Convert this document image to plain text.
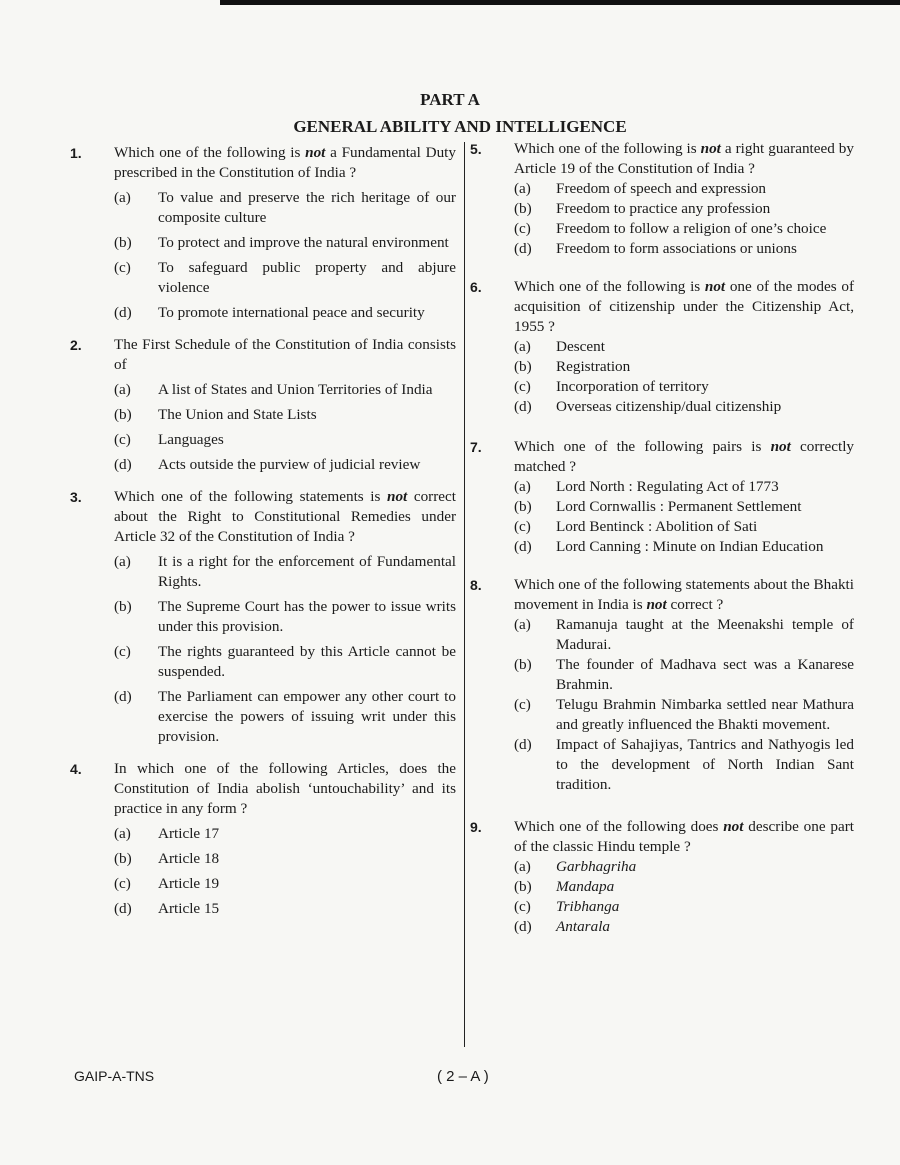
PART A
GENERAL ABILITY AND INTELLIGENCE
1.	Which one of the following is not a Fundamental Duty prescribed in the Constitution of India ?
(a)	To value and preserve the rich heritage of our composite culture
(b)	To protect and improve the natural environment
(c)	To safeguard public property and abjure violence
(d)	To promote international peace and security
2.	The First Schedule of the Constitution of India consists of
(a)	A list of States and Union Territories of India
(b)	The Union and State Lists
(c)	Languages
(d)	Acts outside the purview of judicial review
3.	Which one of the following statements is not correct about the Right to Constitutional Remedies under Article 32 of the Constitution of India ?
(a)	It is a right for the enforcement of Fundamental Rights.
(b)	The Supreme Court has the power to issue writs under this provision.
(c)	The rights guaranteed by this Article cannot be suspended.
(d)	The Parliament can empower any other court to exercise the powers of issuing writ under this provision.
4.	In which one of the following Articles, does the Constitution of India abolish ‘untouchability’ and its practice in any form ?
(a)	Article 17
(b)	Article 18
(c)	Article 19
(d)	Article 15
5.	Which one of the following is not a right guaranteed by Article 19 of the Constitution of India ?
(a)	Freedom of speech and expression
(b)	Freedom to practice any profession
(c)	Freedom to follow a religion of one’s choice
(d)	Freedom to form associations or unions
6.	Which one of the following is not one of the modes of acquisition of citizenship under the Citizenship Act, 1955 ?
(a)	Descent
(b)	Registration
(c)	Incorporation of territory
(d)	Overseas citizenship/dual citizenship
7.	Which one of the following pairs is not correctly matched ?
(a)	Lord North : Regulating Act of 1773
(b)	Lord Cornwallis : Permanent Settlement
(c)	Lord Bentinck : Abolition of Sati
(d)	Lord Canning : Minute on Indian Education
8.	Which one of the following statements about the Bhakti movement in India is not correct ?
(a)	Ramanuja taught at the Meenakshi temple of Madurai.
(b)	The founder of Madhava sect was a Kanarese Brahmin.
(c)	Telugu Brahmin Nimbarka settled near Mathura and greatly influenced the Bhakti movement.
(d)	Impact of Sahajiyas, Tantrics and Nathyogis led to the development of North Indian Sant tradition.
9.	Which one of the following does not describe one part of the classic Hindu temple ?
(a)	Garbhagriha
(b)	Mandapa
(c)	Tribhanga
(d)	Antarala
GAIP-A-TNS	( 2 – A )
